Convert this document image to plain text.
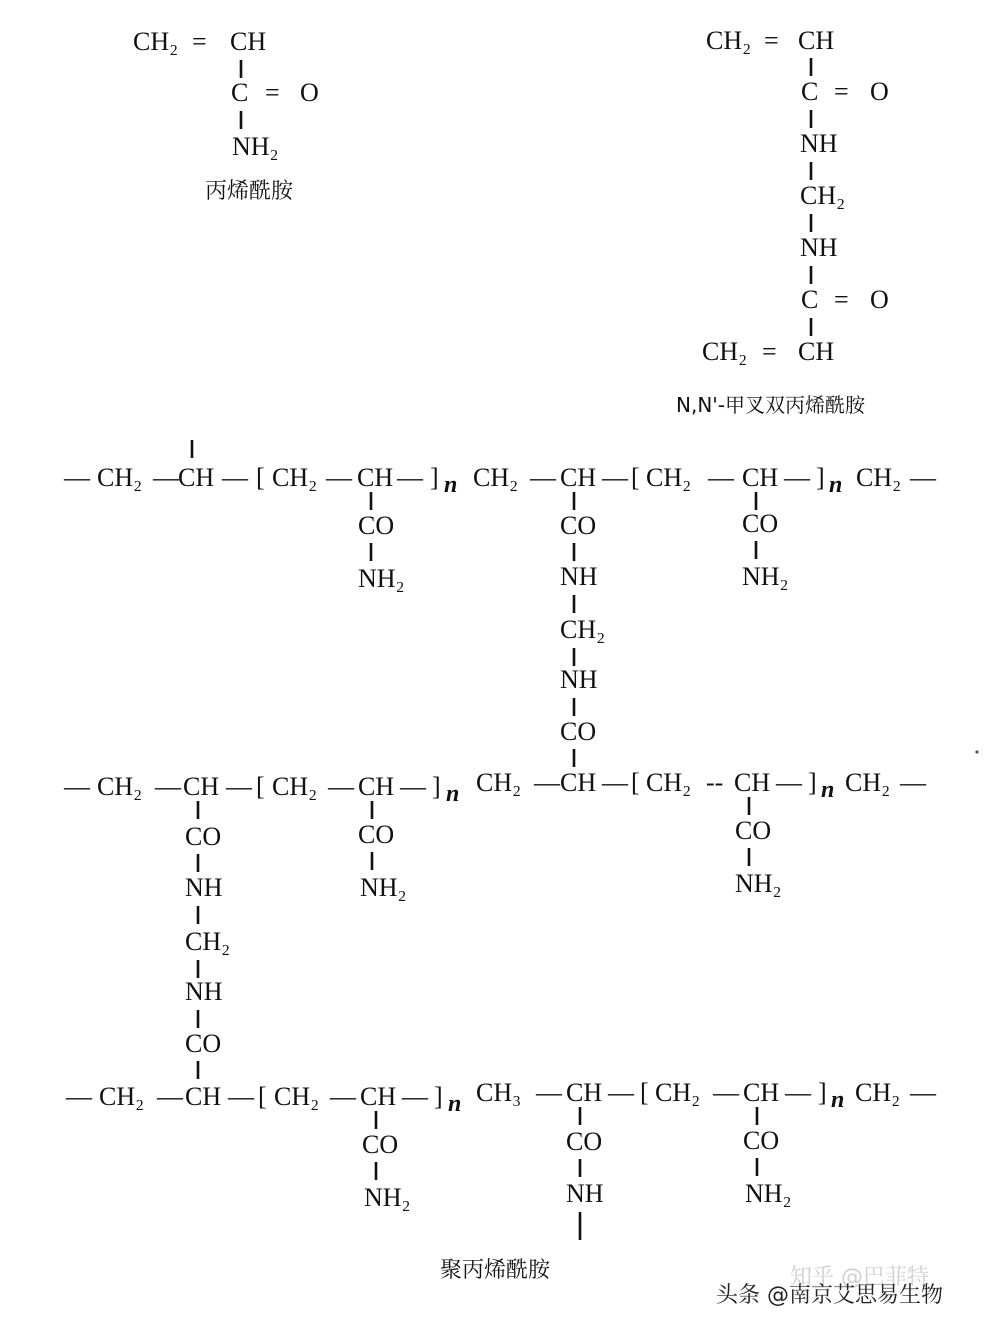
CH₂ = CH
C = O
NH₂
丙烯酰胺
CH₂ = CH
C = O
NH
CH₂
NH
C = O
CH₂ = CH
N,N'-甲叉双丙烯酰胺
— CH₂ — CH — [ CH₂ — CH — ] n CH₂ — CH — [ CH₂ — CH — ] n CH₂ —
CO
NH₂
CO
NH₂
CO
NH
CH₂
NH
CO
— CH₂ — CH — [ CH₂ — CH — ] n CH₂ — CH — [ CH₂ -- CH — ] n CH₂ —
CO
NH₂
CO
NH₂
CO
NH
CH₂
NH
CO
— CH₂ — CH — [ CH₂ — CH — ] n CH₃ — CH — [ CH₂ — CH — ] n CH₂ —
CO
NH₂
CO
NH
CO
NH₂
聚丙烯酰胺	知乎 @巴菲特
头条 @南京艾思易生物
